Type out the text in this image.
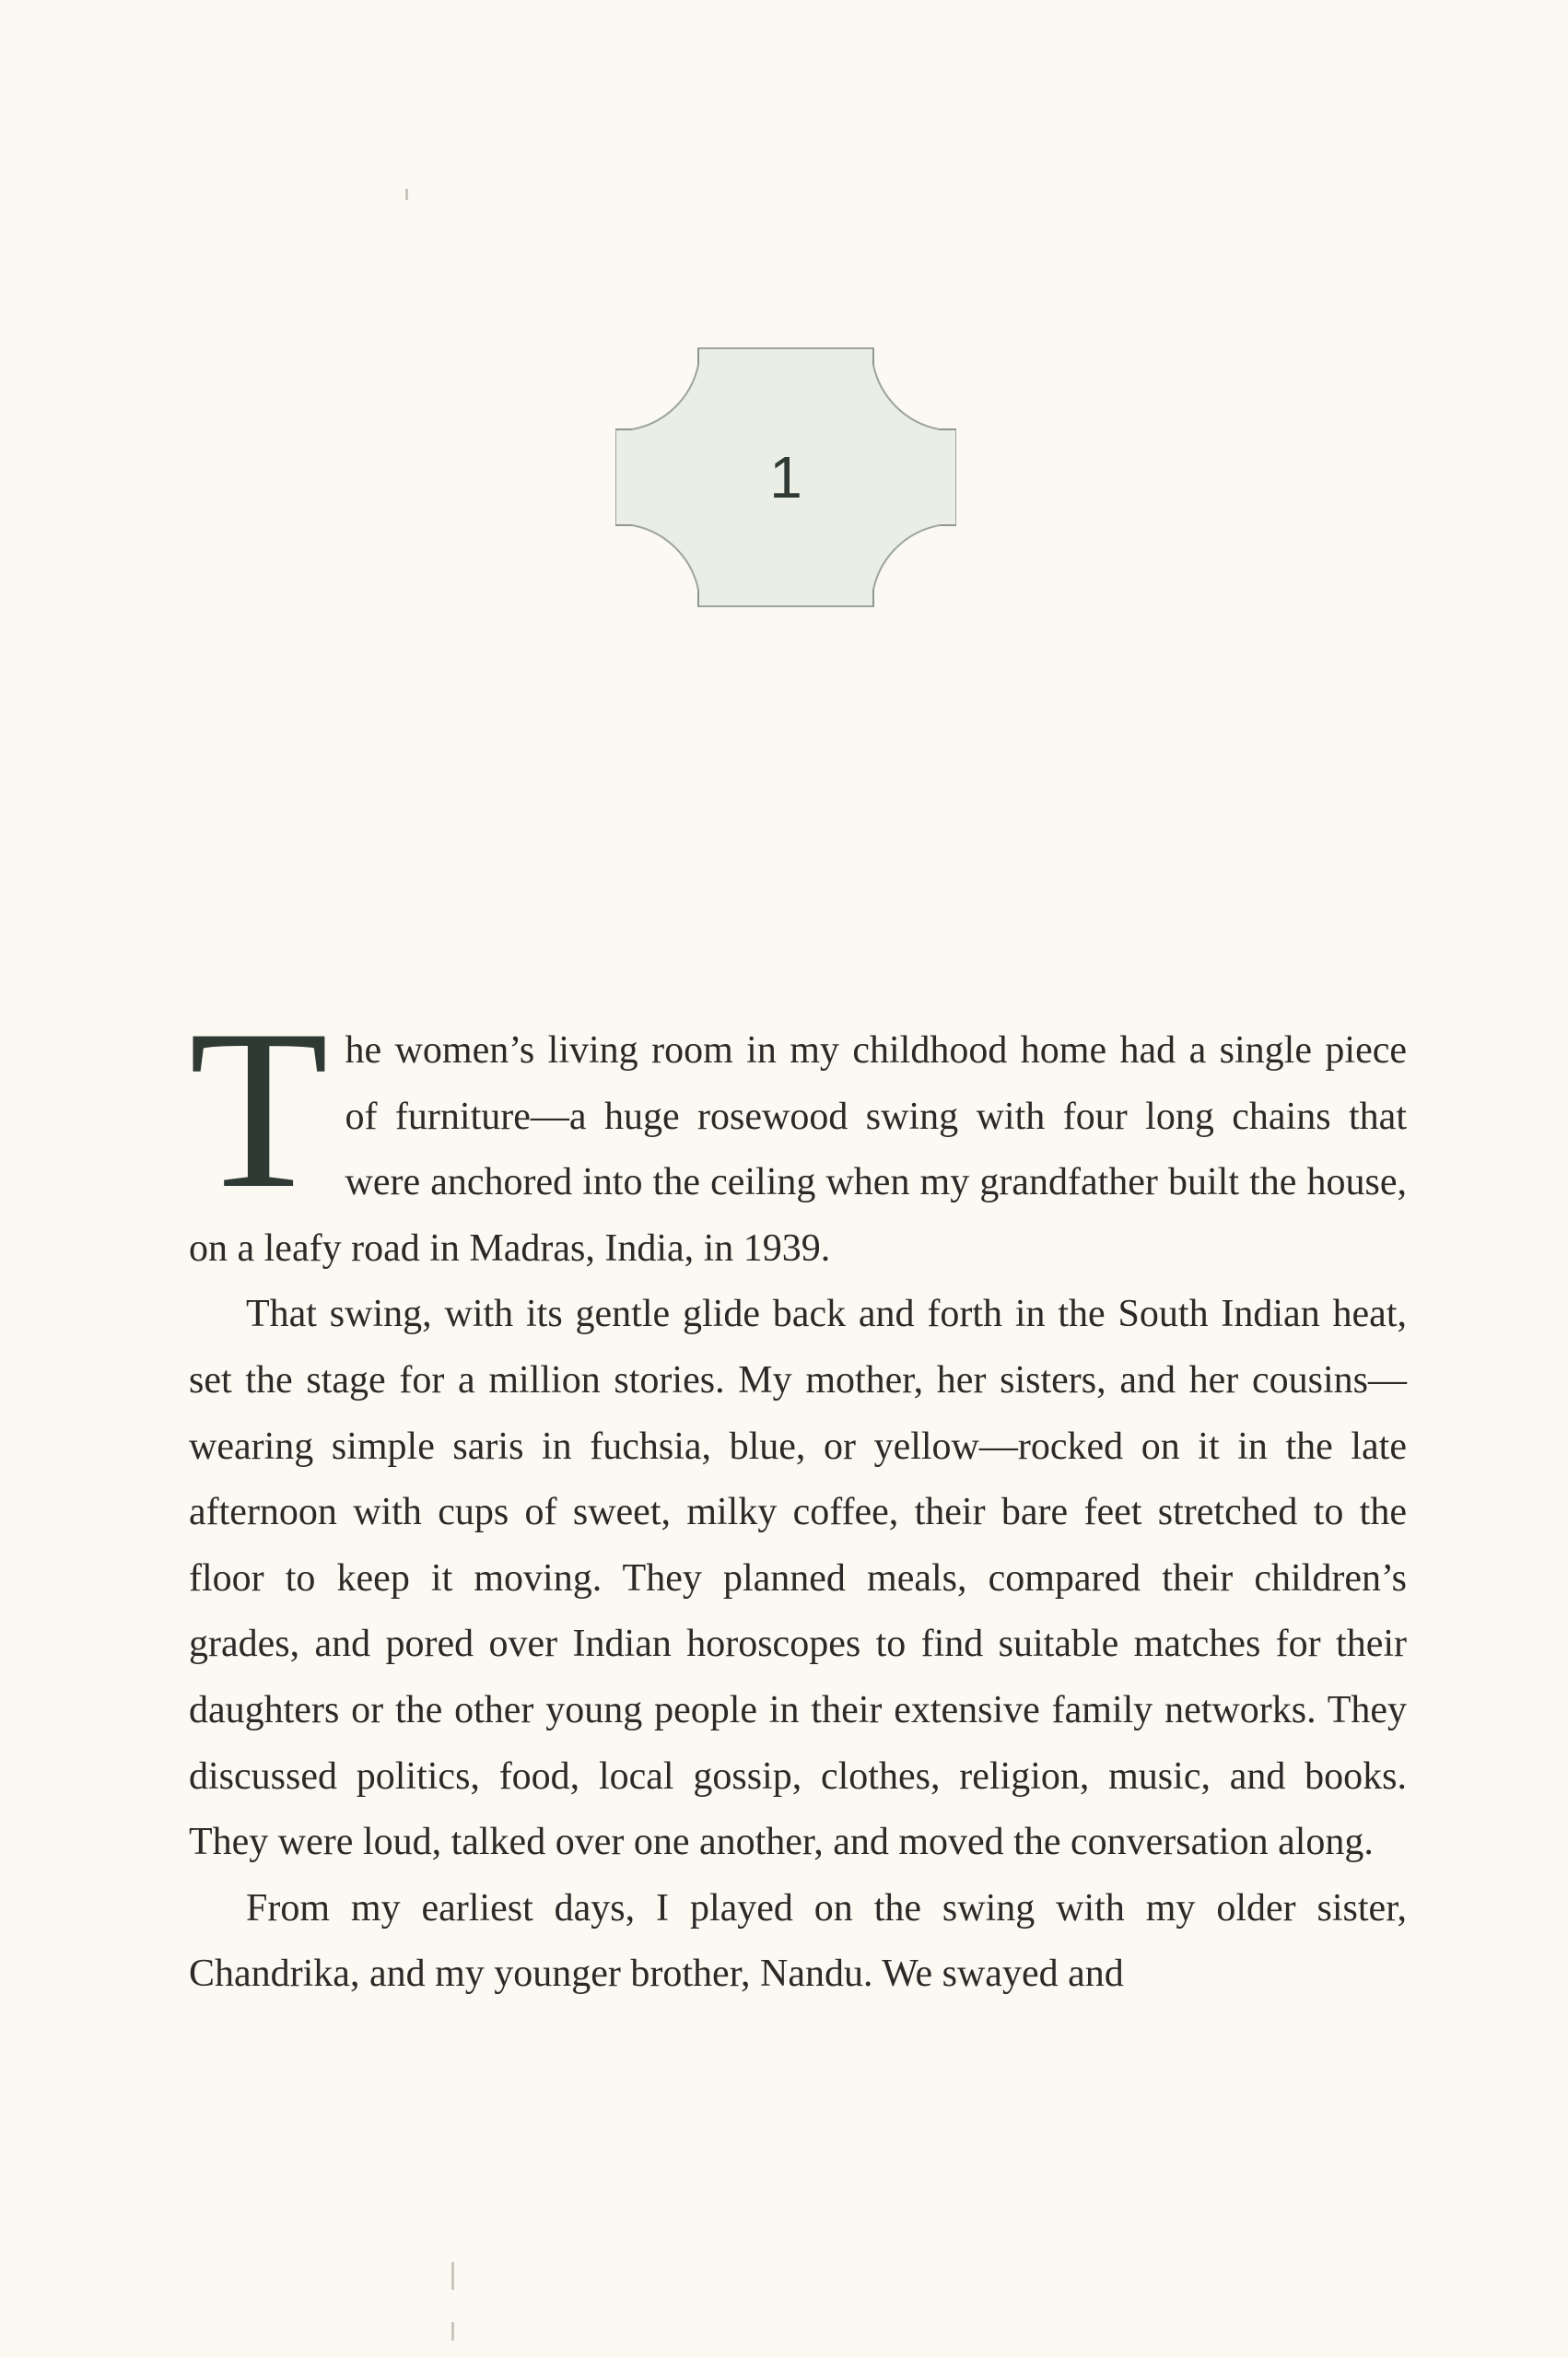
1

The women’s living room in my childhood home had a single piece of furniture—a huge rosewood swing with four long chains that were anchored into the ceiling when my grandfather built the house, on a leafy road in Madras, India, in 1939.

That swing, with its gentle glide back and forth in the South Indian heat, set the stage for a million stories. My mother, her sisters, and her cousins—wearing simple saris in fuchsia, blue, or yellow—rocked on it in the late afternoon with cups of sweet, milky coffee, their bare feet stretched to the floor to keep it moving. They planned meals, compared their children’s grades, and pored over Indian horoscopes to find suitable matches for their daughters or the other young people in their extensive family networks. They discussed politics, food, local gossip, clothes, religion, music, and books. They were loud, talked over one another, and moved the conversation along.

From my earliest days, I played on the swing with my older sister, Chandrika, and my younger brother, Nandu. We swayed and
